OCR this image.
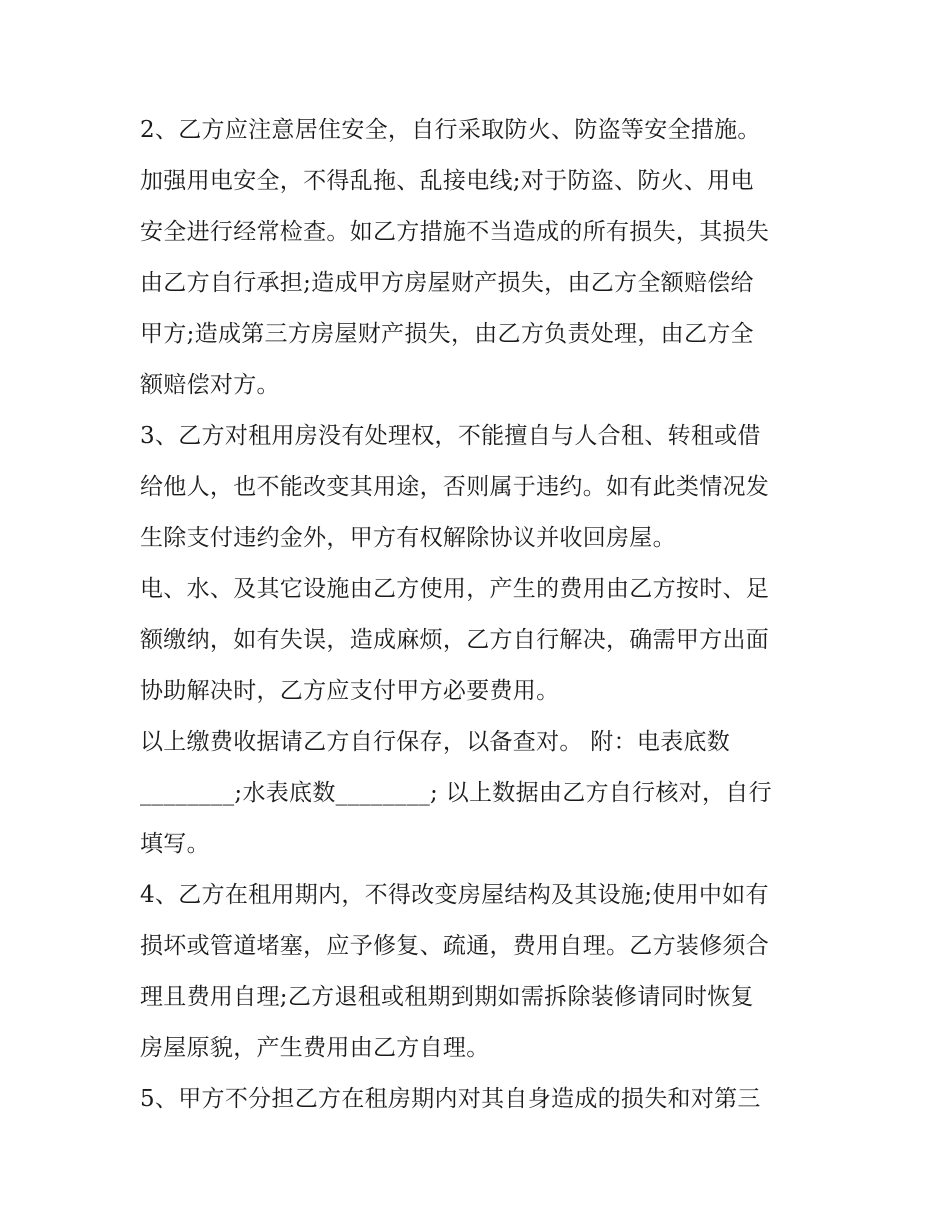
2、乙方应注意居住安全，自行采取防火、防盗等安全措施。
加强用电安全，不得乱拖、乱接电线;对于防盗、防火、用电
安全进行经常检查。如乙方措施不当造成的所有损失，其损失
由乙方自行承担;造成甲方房屋财产损失，由乙方全额赔偿给
甲方;造成第三方房屋财产损失，由乙方负责处理，由乙方全
额赔偿对方。
3、乙方对租用房没有处理权，不能擅自与人合租、转租或借
给他人，也不能改变其用途，否则属于违约。如有此类情况发
生除支付违约金外，甲方有权解除协议并收回房屋。
电、水、及其它设施由乙方使用，产生的费用由乙方按时、足
额缴纳，如有失误，造成麻烦，乙方自行解决，确需甲方出面
协助解决时，乙方应支付甲方必要费用。
以上缴费收据请乙方自行保存，以备查对。 附：电表底数
________;水表底数________; 以上数据由乙方自行核对，自行
填写。
4、乙方在租用期内，不得改变房屋结构及其设施;使用中如有
损坏或管道堵塞，应予修复、疏通，费用自理。乙方装修须合
理且费用自理;乙方退租或租期到期如需拆除装修请同时恢复
房屋原貌，产生费用由乙方自理。
5、甲方不分担乙方在租房期内对其自身造成的损失和对第三
